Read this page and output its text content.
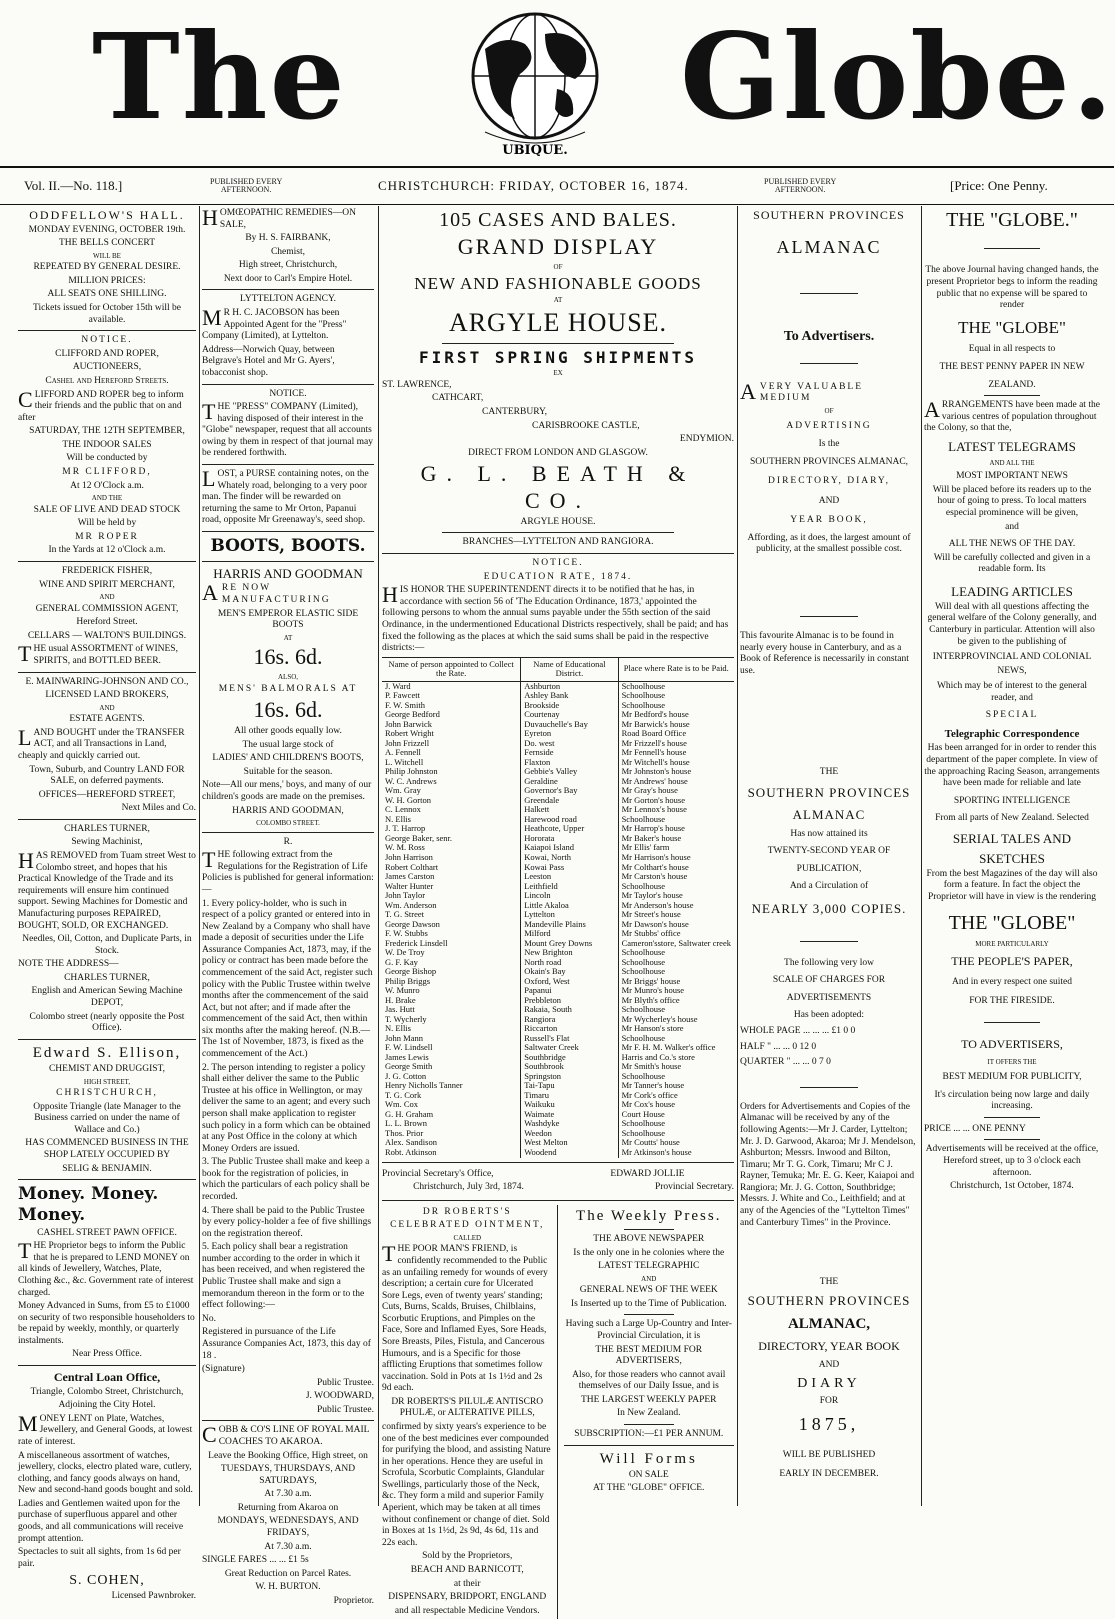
The
UBIQUE.
Globe.
Vol. II.—No. 118.]	PUBLISHED EVERY
AFTERNOON.	CHRISTCHURCH: FRIDAY, OCTOBER 16, 1874.	PUBLISHED EVERY
AFTERNOON.	[Price: One Penny.

ODDFELLOW'S HALL.

MONDAY EVENING, OCTOBER 19th.

THE BELLS CONCERT

WILL BE

REPEATED BY GENERAL DESIRE.

MILLION PRICES:

ALL SEATS ONE SHILLING.

Tickets issued for October 15th will be available.

NOTICE.

CLIFFORD AND ROPER,

AUCTIONEERS,

Cashel and Hereford Streets.

CLIFFORD AND ROPER beg to inform their friends and the public that on and after

SATURDAY, THE 12TH SEPTEMBER,

THE INDOOR SALES

Will be conducted by

MR CLIFFORD,

At 12 O'Clock a.m.

AND THE

SALE OF LIVE AND DEAD STOCK

Will be held by

MR ROPER

In the Yards at 12 o'Clock a.m.

FREDERICK FISHER,

WINE AND SPIRIT MERCHANT,

AND

GENERAL COMMISSION AGENT,

Hereford Street.

CELLARS — WALTON'S BUILDINGS.

THE usual ASSORTMENT of WINES, SPIRITS, and BOTTLED BEER.

E. MAINWARING-JOHNSON AND CO.,

LICENSED LAND BROKERS,

AND

ESTATE AGENTS.

LAND BOUGHT under the TRANSFER ACT, and all Transactions in Land, cheaply and quickly carried out.

Town, Suburb, and Country LAND FOR SALE, on deferred payments.

OFFICES—HEREFORD STREET,

Next Miles and Co.

CHARLES TURNER,

Sewing Machinist,

HAS REMOVED from Tuam street West to Colombo street, and hopes that his Practical Knowledge of the Trade and its requirements will ensure him continued support. Sewing Machines for Domestic and Manufacturing purposes REPAIRED, BOUGHT, SOLD, OR EXCHANGED.

Needles, Oil, Cotton, and Duplicate Parts, in Stock.

NOTE THE ADDRESS—

CHARLES TURNER,

English and American Sewing Machine DEPOT,

Colombo street (nearly opposite the Post Office).

Edward S. Ellison,

CHEMIST AND DRUGGIST,

HIGH STREET,

CHRISTCHURCH,

Opposite Triangle (late Manager to the Business carried on under the name of Wallace and Co.)

HAS COMMENCED BUSINESS IN THE SHOP LATELY OCCUPIED BY

SELIG & BENJAMIN.

Money. Money. Money.

CASHEL STREET PAWN OFFICE.

THE Proprietor begs to inform the Public that he is prepared to LEND MONEY on all kinds of Jewellery, Watches, Plate, Clothing &c., &c. Government rate of interest charged.

Money Advanced in Sums, from £5 to £1000 on security of two responsible householders to be repaid by weekly, monthly, or quarterly instalments.

Near Press Office.

Central Loan Office,

Triangle, Colombo Street, Christchurch,

Adjoining the City Hotel.

MONEY LENT on Plate, Watches, Jewellery, and General Goods, at lowest rate of interest.

A miscellaneous assortment of watches, jewellery, clocks, electro plated ware, cutlery, clothing, and fancy goods always on hand, New and second-hand goods bought and sold.

Ladies and Gentlemen waited upon for the purchase of superfluous apparel and other goods, and all communications will receive prompt attention.

Spectacles to suit all sights, from 1s 6d per pair.

S. COHEN,

Licensed Pawnbroker.

HOMŒOPATHIC REMEDIES—ON SALE,

By H. S. FAIRBANK,

Chemist,

High street, Christchurch,

Next door to Carl's Empire Hotel.

LYTTELTON AGENCY.

MR H. C. JACOBSON has been Appointed Agent for the "Press" Company (Limited), at Lyttelton.

Address—Norwich Quay, between Belgrave's Hotel and Mr G. Ayers', tobacconist shop.

NOTICE.

THE "PRESS" COMPANY (Limited), having disposed of their interest in the "Globe" newspaper, request that all accounts owing by them in respect of that journal may be rendered forthwith.

LOST, a PURSE containing notes, on the Whately road, belonging to a very poor man. The finder will be rewarded on returning the same to Mr Orton, Papanui road, opposite Mr Greenaway's, seed shop.

BOOTS, BOOTS.

HARRIS AND GOODMAN

ARE NOW MANUFACTURING

MEN'S EMPEROR ELASTIC SIDE BOOTS

AT

16s. 6d.

ALSO,

MENS' BALMORALS AT

16s. 6d.

All other goods equally low.

The usual large stock of

LADIES' AND CHILDREN'S BOOTS,

Suitable for the season.

Note—All our mens,' boys, and many of our children's goods are made on the premises.

HARRIS AND GOODMAN,

COLOMBO STREET.

R.

THE following extract from the Regulations for the Registration of Life Policies is published for general information:—

1. Every policy-holder, who is such in respect of a policy granted or entered into in New Zealand by a Company who shall have made a deposit of securities under the Life Assurance Companies Act, 1873, may, if the policy or contract has been made before the commencement of the said Act, register such policy with the Public Trustee within twelve months after the commencement of the said Act, but not after; and if made after the commencement of the said Act, then within six months after the making hereof. (N.B.—The 1st of November, 1873, is fixed as the commencement of the Act.)

2. The person intending to register a policy shall either deliver the same to the Public Trustee at his office in Wellington, or may deliver the same to an agent; and every such person shall make application to register such policy in a form which can be obtained at any Post Office in the colony at which Money Orders are issued.

3. The Public Trustee shall make and keep a book for the registration of policies, in which the particulars of each policy shall be recorded.

4. There shall be paid to the Public Trustee by every policy-holder a fee of five shillings on the registration thereof.

5. Each policy shall bear a registration number according to the order in which it has been received, and when registered the Public Trustee shall make and sign a memorandum thereon in the form or to the effect following:—

No.

Registered in pursuance of the Life Assurance Companies Act, 1873, this day of 18 .

(Signature)

Public Trustee.

J. WOODWARD,

Public Trustee.

COBB & CO'S LINE OF ROYAL MAIL COACHES TO AKAROA.

Leave the Booking Office, High street, on

TUESDAYS, THURSDAYS, AND SATURDAYS,

At 7.30 a.m.

Returning from Akaroa on

MONDAYS, WEDNESDAYS, AND FRIDAYS,

At 7.30 a.m.

SINGLE FARES ... ... £1 5s

Great Reduction on Parcel Rates.

W. H. BURTON.

Proprietor.

105 CASES AND BALES.

GRAND DISPLAY

OF

NEW AND FASHIONABLE GOODS

AT

ARGYLE HOUSE.

FIRST SPRING SHIPMENTS

EX

ST. LAWRENCE,

CATHCART,

CANTERBURY,

CARISBROOKE CASTLE,

ENDYMION.

DIRECT FROM LONDON AND GLASGOW.

G. L. BEATH & CO.

ARGYLE HOUSE.

BRANCHES—LYTTELTON AND RANGIORA.

NOTICE.

EDUCATION RATE, 1874.

HIS HONOR THE SUPERINTENDENT directs it to be notified that he has, in accordance with section 56 of 'The Education Ordinance, 1873,' appointed the following persons to whom the annual sums payable under the 55th section of the said Ordinance, in the undermentioned Educational Districts respectively, shall be paid; and has fixed the following as the places at which the said sums shall be paid in the respective districts:—

Name of person appointed to Collect the Rate.	Name of Educational District.	Place where Rate is to be Paid.
J. Ward	Ashburton	Schoolhouse
P. Fawcett	Ashley Bank	Schoolhouse
F. W. Smith	Brookside	Schoolhouse
George Bedford	Courtenay	Mr Bedford's house
John Barwick	Duvauchelle's Bay	Mr Barwick's house
Robert Wright	Eyreton	Road Board Office
John Frizzell	Do. west	Mr Frizzell's house
A. Fennell	Fernside	Mr Fennell's house
L. Witchell	Flaxton	Mr Witchell's house
Philip Johnston	Gebbie's Valley	Mr Johnston's house
W. C. Andrews	Geraldine	Mr Andrews' house
Wm. Gray	Governor's Bay	Mr Gray's house
W. H. Gorton	Greendale	Mr Gorton's house
C. Lennox	Halkett	Mr Lennox's house
N. Ellis	Harewood road	Schoolhouse
J. T. Harrop	Heathcote, Upper	Mr Harrop's house
George Baker, senr.	Hororata	Mr Baker's house
W. M. Ross	Kaiapoi Island	Mr Ellis' farm
John Harrison	Kowai, North	Mr Harrison's house
Robert Colthart	Kowai Pass	Mr Colthart's house
James Carston	Leeston	Mr Carston's house
Walter Hunter	Leithfield	Schoolhouse
John Taylor	Lincoln	Mr Taylor's house
Wm. Anderson	Little Akaloa	Mr Anderson's house
T. G. Street	Lyttelton	Mr Street's house
George Dawson	Mandeville Plains	Mr Dawson's house
F. W. Stubbs	Milford	Mr Stubbs' office
Frederick Linsdell	Mount Grey Downs	Cameron'sstore, Saltwater creek
W. De Troy	New Brighton	Schoolhouse
G. F. Kay	North road	Schoolhouse
George Bishop	Okain's Bay	Schoolhouse
Philip Briggs	Oxford, West	Mr Briggs' house
W. Munro	Papanui	Mr Munro's house
H. Brake	Prebbleton	Mr Blyth's office
Jas. Hutt	Rakaia, South	Schoolhouse
T. Wycherly	Rangiora	Mr Wycherley's house
N. Ellis	Riccarton	Mr Hanson's store
John Mann	Russell's Flat	Schoolhouse
F. W. Lindsell	Saltwater Creek	Mr F. H. M. Walker's office
James Lewis	Southbridge	Harris and Co.'s store
George Smith	Southbrook	Mr Smith's house
J. G. Cotton	Springston	Schoolhouse
Henry Nicholls Tanner	Tai-Tapu	Mr Tanner's house
T. G. Cork	Timaru	Mr Cork's office
Wm. Cox	Waikuku	Mr Cox's house
G. H. Graham	Waimate	Court House
L. L. Brown	Washdyke	Schoolhouse
Thos. Prior	Weedon	Schoolhouse
Alex. Sandison	West Melton	Mr Coutts' house
Robt. Atkinson	Woodend	Mr Atkinson's house

Provincial Secretary's Office,

Christchurch, July 3rd, 1874.

EDWARD JOLLIE

Provincial Secretary.

DR ROBERTS'S

CELEBRATED OINTMENT,

CALLED

THE POOR MAN'S FRIEND, is confidently recommended to the Public as an unfailing remedy for wounds of every description; a certain cure for Ulcerated Sore Legs, even of twenty years' standing; Cuts, Burns, Scalds, Bruises, Chilblains, Scorbutic Eruptions, and Pimples on the Face, Sore and Inflamed Eyes, Sore Heads, Sore Breasts, Piles, Fistula, and Cancerous Humours, and is a Specific for those afflicting Eruptions that sometimes follow vaccination. Sold in Pots at 1s 1½d and 2s 9d each.

DR ROBERTS'S PILULÆ ANTISCRO PHULÆ, or ALTERATIVE PILLS,

confirmed by sixty years's experience to be one of the best medicines ever compounded for purifying the blood, and assisting Nature in her operations. Hence they are useful in Scrofula, Scorbutic Complaints, Glandular Swellings, particularly those of the Neck, &c. They form a mild and superior Family Aperient, which may be taken at all times without confinement or change of diet. Sold in Boxes at 1s 1½d, 2s 9d, 4s 6d, 11s and 22s each.

Sold by the Proprietors,

BEACH AND BARNICOTT,

at their

DISPENSARY, BRIDPORT, ENGLAND

and all respectable Medicine Vendors.

The Weekly Press.

THE ABOVE NEWSPAPER

Is the only one in he colonies where the

LATEST TELEGRAPHIC

AND

GENERAL NEWS OF THE WEEK

Is Inserted up to the Time of Publication.

Having such a Large Up-Country and Inter-Provincial Circulation, it is

THE BEST MEDIUM FOR ADVERTISERS,

Also, for those readers who cannot avail themselves of our Daily Issue, and is

THE LARGEST WEEKLY PAPER

In New Zealand.

SUBSCRIPTION:—£1 PER ANNUM.

Will Forms

ON SALE

AT THE "GLOBE" OFFICE.

SOUTHERN PROVINCES

ALMANAC

To Advertisers.

AVERY VALUABLE MEDIUM

OF

ADVERTISING

Is the

SOUTHERN PROVINCES ALMANAC,

DIRECTORY, DIARY,

AND

YEAR BOOK,

Affording, as it does, the largest amount of publicity, at the smallest possible cost.

This favourite Almanac is to be found in nearly every house in Canterbury, and as a Book of Reference is necessarily in constant use.

THE

SOUTHERN PROVINCES

ALMANAC

Has now attained its

TWENTY-SECOND YEAR OF

PUBLICATION,

And a Circulation of

NEARLY 3,000 COPIES.

The following very low

SCALE OF CHARGES FOR

ADVERTISEMENTS

Has been adopted:

WHOLE PAGE ... ... ... £1 0 0

HALF " ... ... 0 12 0

QUARTER " ... ... 0 7 0

Orders for Advertisements and Copies of the Almanac will be received by any of the following Agents:—Mr J. Carder, Lyttelton; Mr. J. D. Garwood, Akaroa; Mr J. Mendelson, Ashburton; Messrs. Inwood and Bilton, Timaru; Mr T. G. Cork, Timaru; Mr C J. Rayner, Temuka; Mr. E. G. Keer, Kaiapoi and Rangiora; Mr. J. G. Cotton, Southbridge; Messrs. J. White and Co., Leithfield; and at any of the Agencies of the "Lyttelton Times" and Canterbury Times" in the Province.

THE

SOUTHERN PROVINCES

ALMANAC,

DIRECTORY, YEAR BOOK

AND

DIARY

FOR

1875,

WILL BE PUBLISHED

EARLY IN DECEMBER.

THE "GLOBE."

The above Journal having changed hands, the present Proprietor begs to inform the reading public that no expense will be spared to render

THE "GLOBE"

Equal in all respects to

THE BEST PENNY PAPER IN NEW

ZEALAND.

ARRANGEMENTS have been made at the various centres of population throughout the Colony, so that the,

LATEST TELEGRAMS

AND ALL THE

MOST IMPORTANT NEWS

Will be placed before its readers up to the hour of going to press. To local matters especial prominence will be given,

and

ALL THE NEWS OF THE DAY.

Will be carefully collected and given in a readable form. Its

LEADING ARTICLES

Will deal with all questions affecting the general welfare of the Colony generally, and Canterbury in particular. Attention will also be given to the publishing of

INTERPROVINCIAL AND COLONIAL

NEWS,

Which may be of interest to the general reader, and

SPECIAL

Telegraphic Correspondence

Has been arranged for in order to render this department of the paper complete. In view of the approaching Racing Season, arrangements have been made for reliable and late

SPORTING INTELLIGENCE

From all parts of New Zealand. Selected

SERIAL TALES AND

SKETCHES

From the best Magazines of the day will also form a feature. In fact the object the Proprietor will have in view is the rendering

THE "GLOBE"

MORE PARTICULARLY

THE PEOPLE'S PAPER,

And in every respect one suited

FOR THE FIRESIDE.

TO ADVERTISERS,

IT OFFERS THE

BEST MEDIUM FOR PUBLICITY,

It's circulation being now large and daily increasing.

PRICE ... ... ONE PENNY

Advertisements will be received at the office, Hereford street, up to 3 o'clock each afternoon.

Christchurch, 1st October, 1874.
